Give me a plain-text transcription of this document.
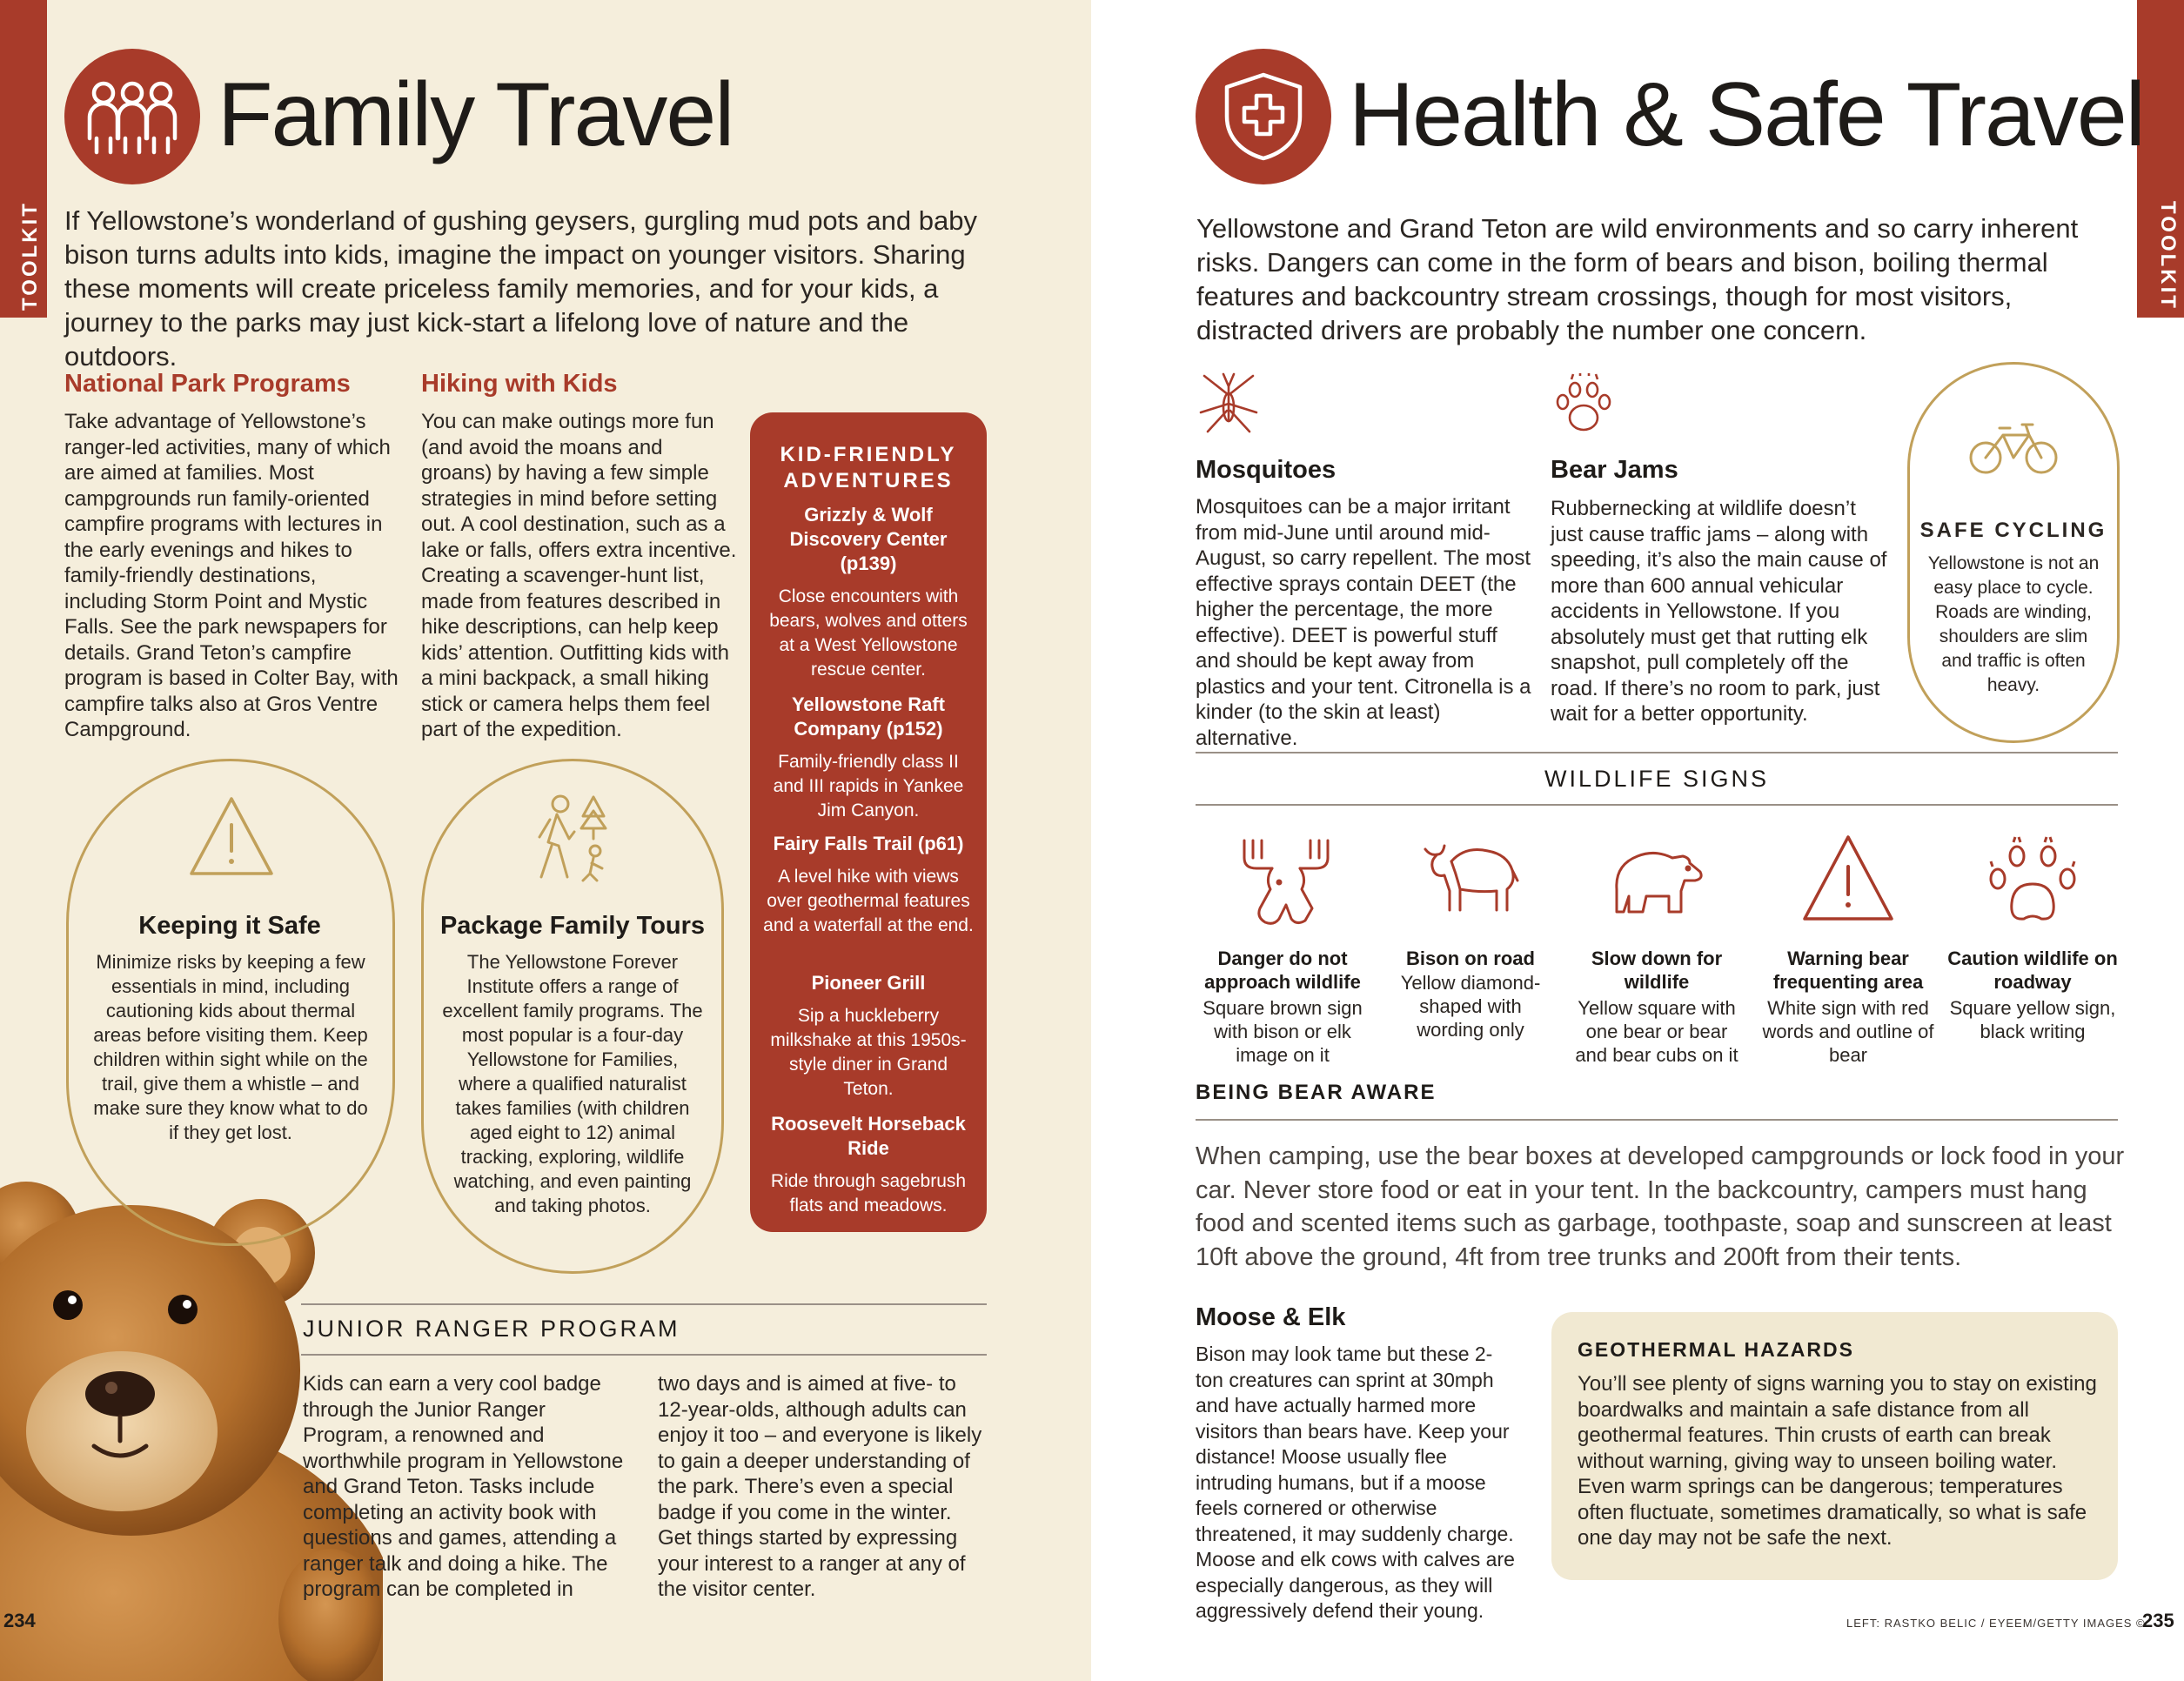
TOOLKIT
Family Travel
If Yellowstone’s wonderland of gushing geysers, gurgling mud pots and baby bison turns adults into kids, imagine the impact on younger visitors. Sharing these moments will create priceless family memories, and for your kids, a journey to the parks may just kick-start a lifelong love of nature and the outdoors.
National Park Programs
Take advantage of Yellowstone’s ranger-led activities, many of which are aimed at families. Most campgrounds run family-oriented campfire programs with lectures in the early evenings and hikes to family-friendly destinations, including Storm Point and Mystic Falls. See the park newspapers for details. Grand Teton’s campfire program is based in Colter Bay, with campfire talks also at Gros Ventre Campground.
Hiking with Kids
You can make outings more fun (and avoid the moans and groans) by having a few simple strategies in mind before setting out. A cool destination, such as a lake or falls, offers extra incentive. Creating a scavenger-hunt list, made from features described in hike descriptions, can help keep kids’ attention. Outfitting kids with a mini backpack, a small hiking stick or camera helps them feel part of the expedition.
KID-FRIENDLY ADVENTURES
Grizzly & Wolf Discovery Center (p139)
Close encounters with bears, wolves and otters at a West Yellowstone rescue center.
Yellowstone Raft Company (p152)
Family-friendly class II and III rapids in Yankee Jim Canyon.
Fairy Falls Trail (p61)
A level hike with views over geothermal features and a waterfall at the end.
Pioneer Grill
Sip a huckleberry milkshake at this 1950s-style diner in Grand Teton.
Roosevelt Horseback Ride
Ride through sagebrush flats and meadows.
Keeping it Safe
Minimize risks by keeping a few essentials in mind, including cautioning kids about thermal areas before visiting them. Keep children within sight while on the trail, give them a whistle – and make sure they know what to do if they get lost.
Package Family Tours
The Yellowstone Forever Institute offers a range of excellent family programs. The most popular is a four-day Yellowstone for Families, where a qualified naturalist takes families (with children aged eight to 12) animal tracking, exploring, wildlife watching, and even painting and taking photos.
JUNIOR RANGER PROGRAM
Kids can earn a very cool badge through the Junior Ranger Program, a renowned and worthwhile program in Yellowstone and Grand Teton. Tasks include completing an activity book with questions and games, attending a ranger talk and doing a hike. The program can be completed in
two days and is aimed at five- to 12-year-olds, although adults can enjoy it too – and everyone is likely to gain a deeper understanding of the park. There’s even a special badge if you come in the winter. Get things started by expressing your interest to a ranger at any of the visitor center.
234
TOOLKIT
Health & Safe Travel
Yellowstone and Grand Teton are wild environments and so carry inherent risks. Dangers can come in the form of bears and bison, boiling thermal features and backcountry stream crossings, though for most visitors, distracted drivers are probably the number one concern.
Mosquitoes
Mosquitoes can be a major irritant from mid-June until around mid-August, so carry repellent. The most effective sprays contain DEET (the higher the percentage, the more effective). DEET is powerful stuff and should be kept away from plastics and your tent. Citronella is a kinder (to the skin at least) alternative.
Bear Jams
Rubbernecking at wildlife doesn’t just cause traffic jams – along with speeding, it’s also the main cause of more than 600 annual vehicular accidents in Yellowstone. If you absolutely must get that rutting elk snapshot, pull completely off the road. If there’s no room to park, just wait for a better opportunity.
SAFE CYCLING
Yellowstone is not an easy place to cycle. Roads are winding, shoulders are slim and traffic is often heavy.
WILDLIFE SIGNS
Danger do not approach wildlife
Square brown sign with bison or elk image on it
Bison on road
Yellow diamond-shaped with wording only
Slow down for wildlife
Yellow square with one bear or bear and bear cubs on it
Warning bear frequenting area
White sign with red words and outline of bear
Caution wildlife on roadway
Square yellow sign, black writing
BEING BEAR AWARE
When camping, use the bear boxes at developed campgrounds or lock food in your car. Never store food or eat in your tent. In the backcountry, campers must hang food and scented items such as garbage, toothpaste, soap and sunscreen at least 10ft above the ground, 4ft from tree trunks and 200ft from their tents.
Moose & Elk
Bison may look tame but these 2-ton creatures can sprint at 30mph and have actually harmed more visitors than bears have. Keep your distance! Moose usually flee intruding humans, but if a moose feels cornered or otherwise threatened, it may suddenly charge. Moose and elk cows with calves are especially dangerous, as they will aggressively defend their young.	235
LEFT: RASTKO BELIC / EYEEM/GETTY IMAGES ©
GEOTHERMAL HAZARDS
You’ll see plenty of signs warning you to stay on existing boardwalks and maintain a safe distance from all geothermal features. Thin crusts of earth can break without warning, giving way to unseen boiling water. Even warm springs can be dangerous; temperatures often fluctuate, sometimes dramatically, so what is safe one day may not be safe the next.
